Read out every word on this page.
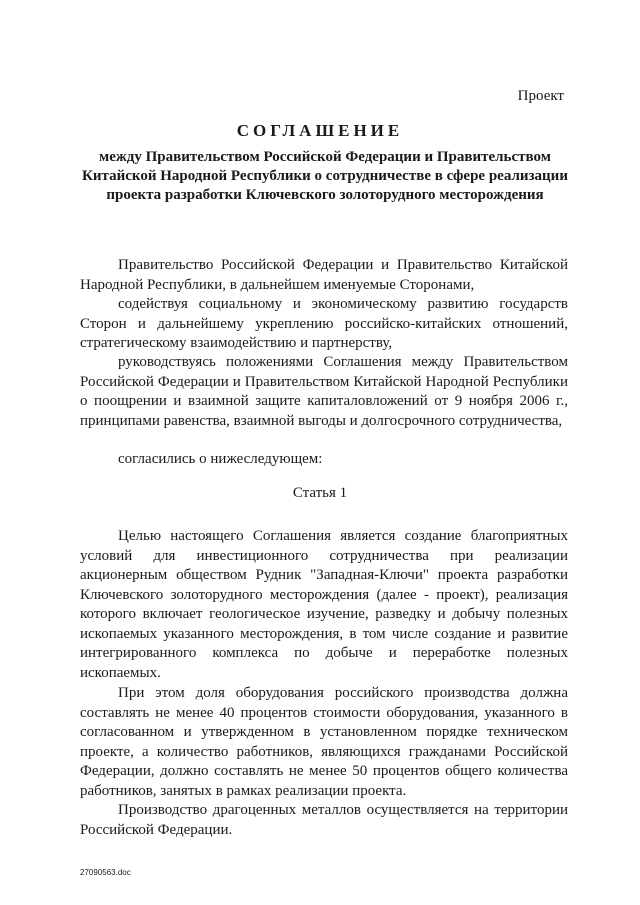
Проект
СОГЛАШЕНИЕ
между Правительством Российской Федерации и Правительством Китайской Народной Республики о сотрудничестве в сфере реализации проекта разработки Ключевского золоторудного месторождения

Правительство Российской Федерации и Правительство Китайской Народной Республики, в дальнейшем именуемые Сторонами,

содействуя социальному и экономическому развитию государств Сторон и дальнейшему укреплению российско-китайских отношений, стратегическому взаимодействию и партнерству,

руководствуясь положениями Соглашения между Правительством Российской Федерации и Правительством Китайской Народной Республики о поощрении и взаимной защите капиталовложений от 9 ноября 2006 г., принципами равенства, взаимной выгоды и долгосрочного сотрудничества,

согласились о нижеследующем:

Статья 1

Целью настоящего Соглашения является создание благоприятных условий для инвестиционного сотрудничества при реализации акционерным обществом Рудник "Западная-Ключи" проекта разработки Ключевского золоторудного месторождения (далее - проект), реализация которого включает геологическое изучение, разведку и добычу полезных ископаемых указанного месторождения, в том числе создание и развитие интегрированного комплекса по добыче и переработке полезных ископаемых.

При этом доля оборудования российского производства должна составлять не менее 40 процентов стоимости оборудования, указанного в согласованном и утвержденном в установленном порядке техническом проекте, а количество работников, являющихся гражданами Российской Федерации, должно составлять не менее 50 процентов общего количества работников, занятых в рамках реализации проекта.

Производство драгоценных металлов осуществляется на территории Российской Федерации.

27090563.doc
